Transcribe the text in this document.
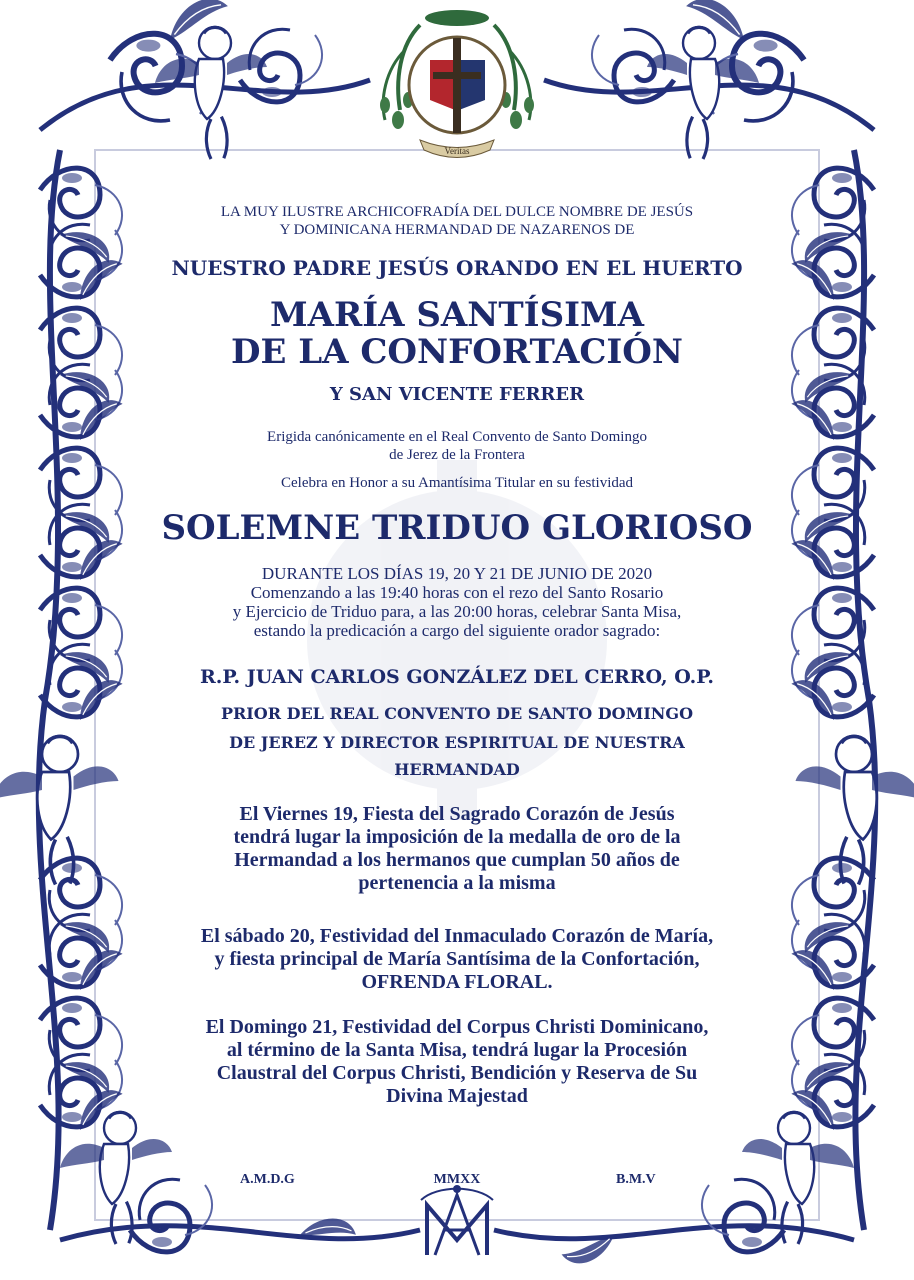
Veritas

LA MUY ILUSTRE ARCHICOFRADÍA DEL DULCE NOMBRE DE JESÚS

Y DOMINICANA HERMANDAD DE NAZARENOS DE

NUESTRO PADRE JESÚS ORANDO EN EL HUERTO

MARÍA SANTÍSIMA

DE LA CONFORTACIÓN

Y SAN VICENTE FERRER

Erigida canónicamente en el Real Convento de Santo Domingo

de Jerez de la Frontera

Celebra en Honor a su Amantísima Titular en su festividad

SOLEMNE TRIDUO GLORIOSO

DURANTE LOS DÍAS 19, 20 Y 21 DE JUNIO DE 2020

Comenzando a las 19:40 horas con el rezo del Santo Rosario

y Ejercicio de Triduo para, a las 20:00 horas, celebrar Santa Misa,

estando la predicación a cargo del siguiente orador sagrado:

R.P. JUAN CARLOS GONZÁLEZ DEL CERRO, O.P.

PRIOR DEL REAL CONVENTO DE SANTO DOMINGO

DE JEREZ Y DIRECTOR ESPIRITUAL DE NUESTRA

HERMANDAD

El Viernes 19, Fiesta del Sagrado Corazón de Jesús

tendrá lugar la imposición de la medalla de oro de la

Hermandad a los hermanos que cumplan 50 años de

pertenencia a la misma

El sábado 20, Festividad del Inmaculado Corazón de María,

y fiesta principal de María Santísima de la Confortación,

OFRENDA FLORAL.

El Domingo 21, Festividad del Corpus Christi Dominicano,

al término de la Santa Misa, tendrá lugar la Procesión

Claustral del Corpus Christi, Bendición y Reserva de Su

Divina Majestad

A.M.D.G	MMXX	B.M.V
